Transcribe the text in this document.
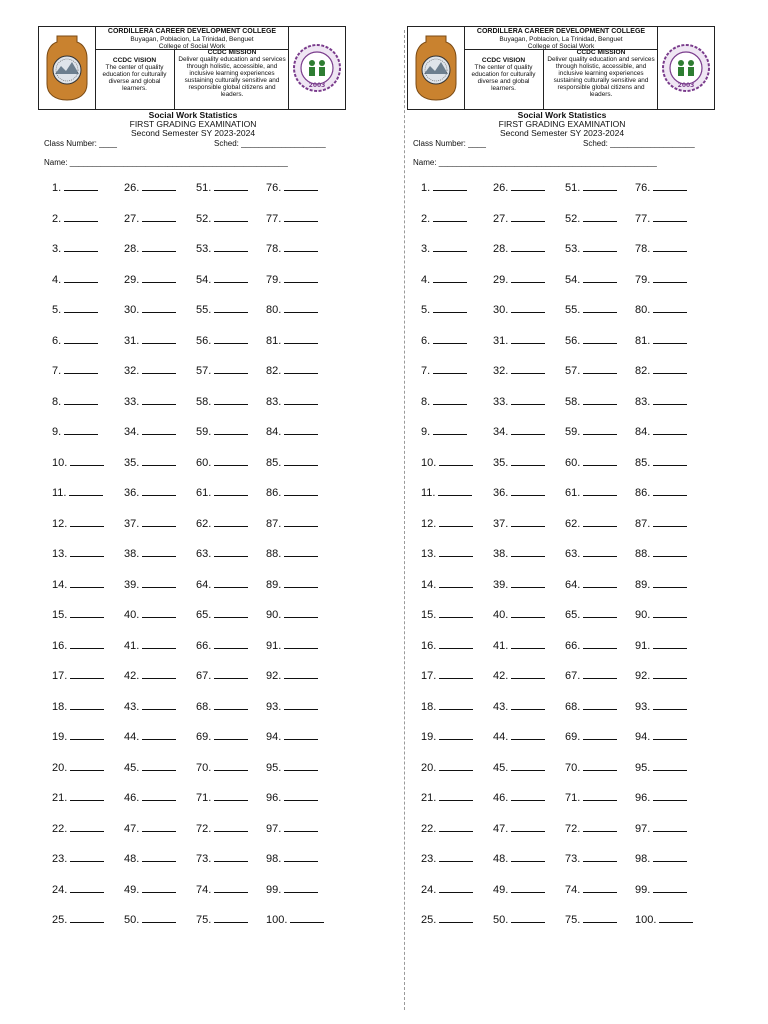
CORDILLERA CAREER DEVELOPMENT COLLEGE
Buyagan, Poblacion, La Trinidad, Benguet
College of Social Work
CCDC VISION
The center of quality education for culturally diverse and global learners.
CCDC MISSION
Deliver quality education and services through holistic, accessible, and inclusive learning experiences sustaining culturally sensitive and responsible global citizens and leaders.
2003
Social Work Statistics
FIRST GRADING EXAMINATION
Second Semester SY 2023-2024
Class Number: ____	Sched: ___________________
Name: _________________________________________________
1.
2.
3.
4.
5.
6.
7.
8.
9.
10.
11.
12.
13.
14.
15.
16.
17.
18.
19.
20.
21.
22.
23.
24.
25.
26.
27.
28.
29.
30.
31.
32.
33.
34.
35.
36.
37.
38.
39.
40.
41.
42.
43.
44.
45.
46.
47.
48.
49.
50.
51.
52.
53.
54.
55.
56.
57.
58.
59.
60.
61.
62.
63.
64.
65.
66.
67.
68.
69.
70.
71.
72.
73.
74.
75.
76.
77.
78.
79.
80.
81.
82.
83.
84.
85.
86.
87.
88.
89.
90.
91.
92.
93.
94.
95.
96.
97.
98.
99.
100.
CORDILLERA CAREER DEVELOPMENT COLLEGE
Buyagan, Poblacion, La Trinidad, Benguet
College of Social Work
CCDC VISION
The center of quality education for culturally diverse and global learners.
CCDC MISSION
Deliver quality education and services through holistic, accessible, and inclusive learning experiences sustaining culturally sensitive and responsible global citizens and leaders.
2003
Social Work Statistics
FIRST GRADING EXAMINATION
Second Semester SY 2023-2024
Class Number: ____	Sched: ___________________
Name: _________________________________________________
1.
2.
3.
4.
5.
6.
7.
8.
9.
10.
11.
12.
13.
14.
15.
16.
17.
18.
19.
20.
21.
22.
23.
24.
25.
26.
27.
28.
29.
30.
31.
32.
33.
34.
35.
36.
37.
38.
39.
40.
41.
42.
43.
44.
45.
46.
47.
48.
49.
50.
51.
52.
53.
54.
55.
56.
57.
58.
59.
60.
61.
62.
63.
64.
65.
66.
67.
68.
69.
70.
71.
72.
73.
74.
75.
76.
77.
78.
79.
80.
81.
82.
83.
84.
85.
86.
87.
88.
89.
90.
91.
92.
93.
94.
95.
96.
97.
98.
99.
100.
